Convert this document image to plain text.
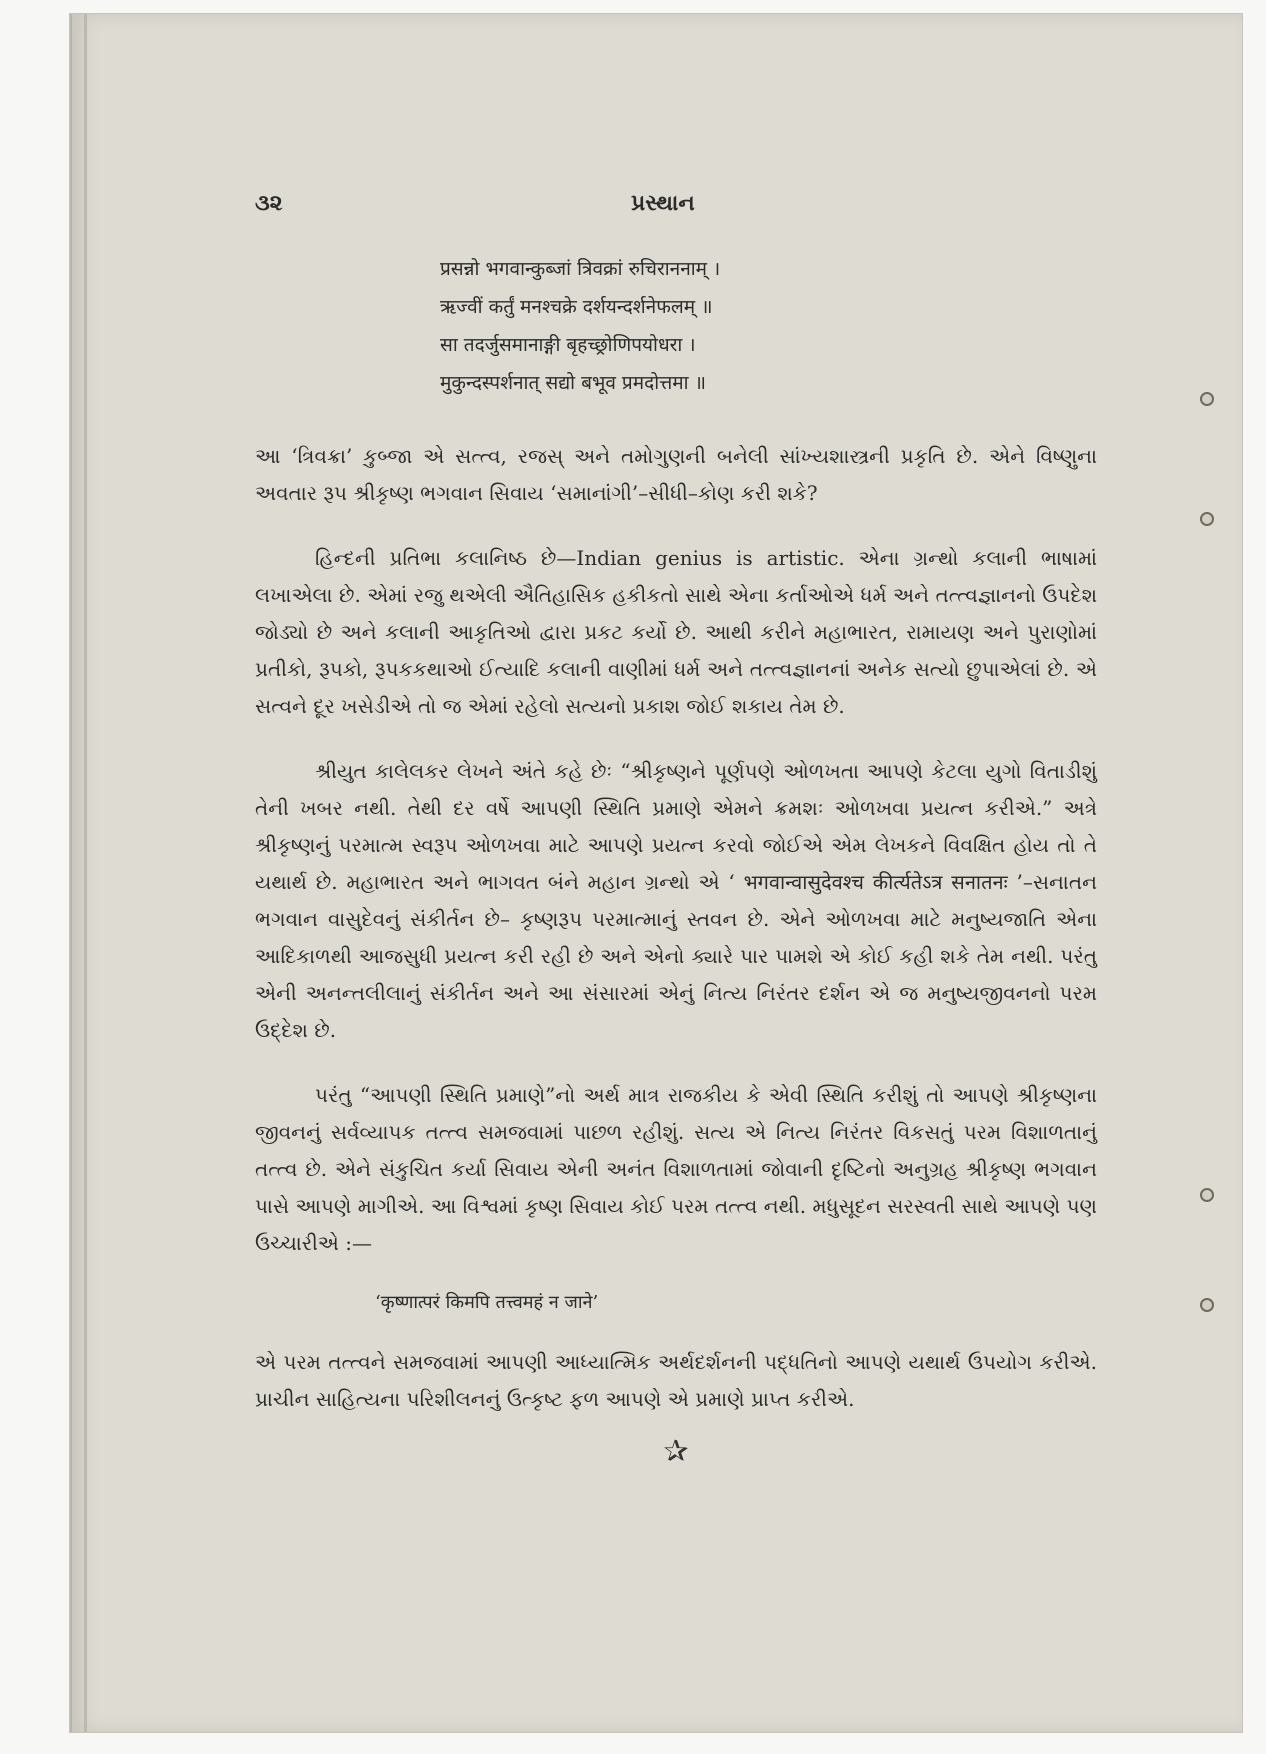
૩૨	પ્રસ્થાન
प्रसन्नो भगवान्कुब्जां त्रिवक्रां रुचिराननाम् ।
ऋज्वीं कर्तुं मनश्चक्रे दर्शयन्दर्शनेफलम् ॥
सा तदर्जुसमानाङ्गी बृहच्छ्रोणिपयोधरा ।
मुकुन्दस्पर्शनात् सद्यो बभूव प्रमदोत्तमा ॥

આ ‘ત્રિવક્રા’ કુબ્જા એ સત્ત્વ, રજસ્ અને તમોગુણની બનેલી સાંખ્યશાસ્ત્રની પ્રકૃતિ છે. એને વિષ્ણુના અવતાર રૂપ શ્રીકૃષ્ણ ભગવાન સિવાય ‘સમાનાંગી’–સીધી–કોણ કરી શકે?

હિન્દની પ્રતિભા કલાનિષ્ઠ છે—Indian genius is artistic. એના ગ્રન્થો કલાની ભાષામાં લખાએલા છે. એમાં રજુ થએલી ઐતિહાસિક હકીકતો સાથે એના કર્તાઓએ ધર્મ અને તત્ત્વજ્ઞાનનો ઉપદેશ જોડ્યો છે અને કલાની આકૃતિઓ દ્વારા પ્રકટ કર્યો છે. આથી કરીને મહાભારત, રામાયણ અને પુરાણોમાં પ્રતીકો, રૂપકો, રૂપકકથાઓ ઈત્યાદિ કલાની વાણીમાં ધર્મ અને તત્ત્વજ્ઞાનનાં અનેક સત્યો છુપાએલાં છે. એ સત્વને દૂર ખસેડીએ તો જ એમાં રહેલો સત્યનો પ્રકાશ જોઈ શકાય તેમ છે.

શ્રીયુત કાલેલકર લેખને અંતે કહે છેઃ “શ્રીકૃષ્ણને પૂર્ણપણે ઓળખતા આપણે કેટલા યુગો વિતાડીશું તેની ખબર નથી. તેથી દર વર્ષે આપણી સ્થિતિ પ્રમાણે એમને ક્રમશઃ ઓળખવા પ્રયત્ન કરીએ.” અત્રે શ્રીકૃષ્ણનું પરમાત્મ સ્વરૂપ ઓળખવા માટે આપણે પ્રયત્ન કરવો જોઈએ એમ લેખકને વિવક્ષિત હોય તો તે યથાર્થ છે. મહાભારત અને ભાગવત બંને મહાન ગ્રન્થો એ ‘ भगवान्वासुदेवश्च कीर्त्यतेऽत्र सनातनः ’–સનાતન ભગવાન વાસુદેવનું સંકીર્તન છે– કૃષ્ણરૂપ પરમાત્માનું સ્તવન છે. એને ઓળખવા માટે મનુષ્યજાતિ એના આદિકાળથી આજસુધી પ્રયત્ન કરી રહી છે અને એનો ક્યારે પાર પામશે એ કોઈ કહી શકે તેમ નથી. પરંતુ એની અનન્તલીલાનું સંકીર્તન અને આ સંસારમાં એનું નિત્ય નિરંતર દર્શન એ જ મનુષ્યજીવનનો પરમ ઉદ્દેશ છે.

પરંતુ “આપણી સ્થિતિ પ્રમાણે”નો અર્થ માત્ર રાજકીય કે એવી સ્થિતિ કરીશું તો આપણે શ્રીકૃષ્ણના જીવનનું સર્વવ્યાપક તત્ત્વ સમજવામાં પાછળ રહીશું. સત્ય એ નિત્ય નિરંતર વિકસતું પરમ વિશાળતાનું તત્ત્વ છે. એને સંકુચિત કર્યા સિવાય એની અનંત વિશાળતામાં જોવાની દૃષ્ટિનો અનુગ્રહ શ્રીકૃષ્ણ ભગવાન પાસે આપણે માગીએ. આ વિશ્વમાં કૃષ્ણ સિવાય કોઈ પરમ તત્ત્વ નથી. મધુસૂદન સરસ્વતી સાથે આપણે પણ ઉચ્ચારીએ :—

‘कृष्णात्परं किमपि तत्त्वमहं न जाने’

એ પરમ તત્ત્વને સમજવામાં આપણી આધ્યાત્મિક અર્થદર્શનની પદ્ધતિનો આપણે યથાર્થ ઉપયોગ કરીએ. પ્રાચીન સાહિત્યના પરિશીલનનું ઉત્કૃષ્ટ ફળ આપણે એ પ્રમાણે પ્રાપ્ત કરીએ.

✰
